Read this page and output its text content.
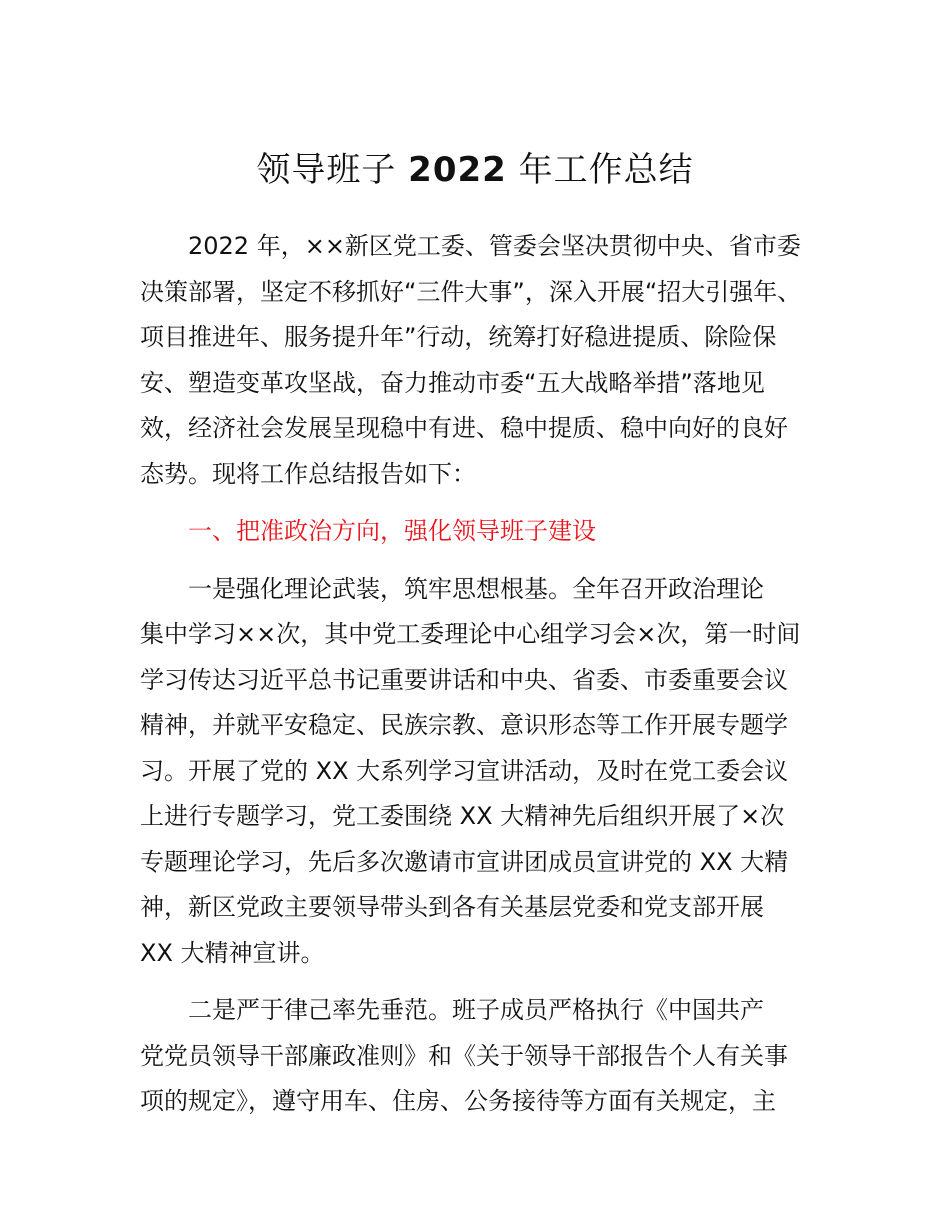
领导班子 2022 年工作总结

2022 年，××新区党工委、管委会坚决贯彻中央、省市委
决策部署，坚定不移抓好“三件大事”，深入开展“招大引强年、
项目推进年、服务提升年”行动，统筹打好稳进提质、除险保
安、塑造变革攻坚战，奋力推动市委“五大战略举措”落地见
效，经济社会发展呈现稳中有进、稳中提质、稳中向好的良好
态势。现将工作总结报告如下：

一、把准政治方向，强化领导班子建设

一是强化理论武装，筑牢思想根基。全年召开政治理论
集中学习××次，其中党工委理论中心组学习会×次，第一时间
学习传达习近平总书记重要讲话和中央、省委、市委重要会议
精神，并就平安稳定、民族宗教、意识形态等工作开展专题学
习。开展了党的 XX 大系列学习宣讲活动，及时在党工委会议
上进行专题学习，党工委围绕 XX 大精神先后组织开展了×次
专题理论学习，先后多次邀请市宣讲团成员宣讲党的 XX 大精
神，新区党政主要领导带头到各有关基层党委和党支部开展
XX 大精神宣讲。

二是严于律己率先垂范。班子成员严格执行《中国共产
党党员领导干部廉政准则》和《关于领导干部报告个人有关事
项的规定》，遵守用车、住房、公务接待等方面有关规定，主
